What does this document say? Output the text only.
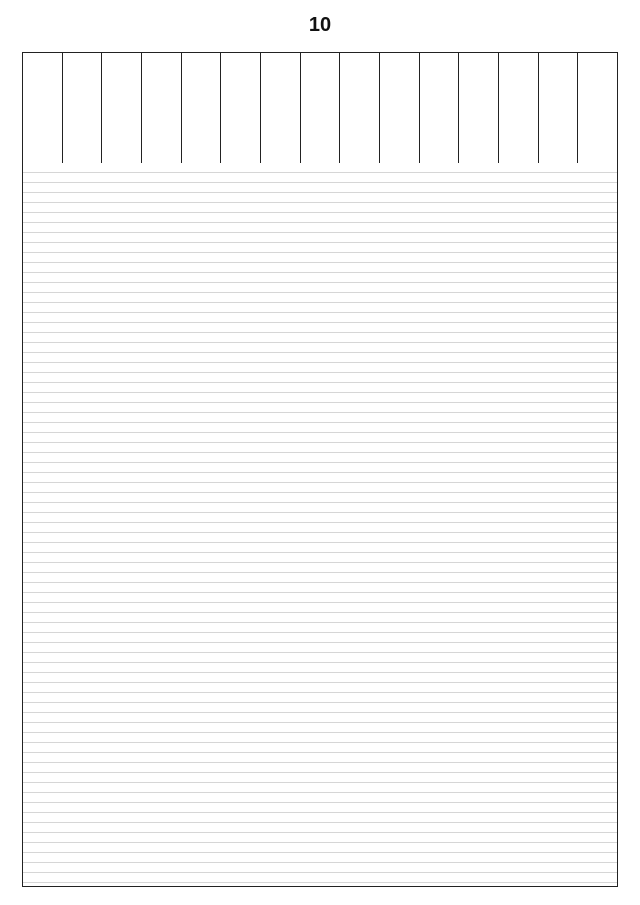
10
